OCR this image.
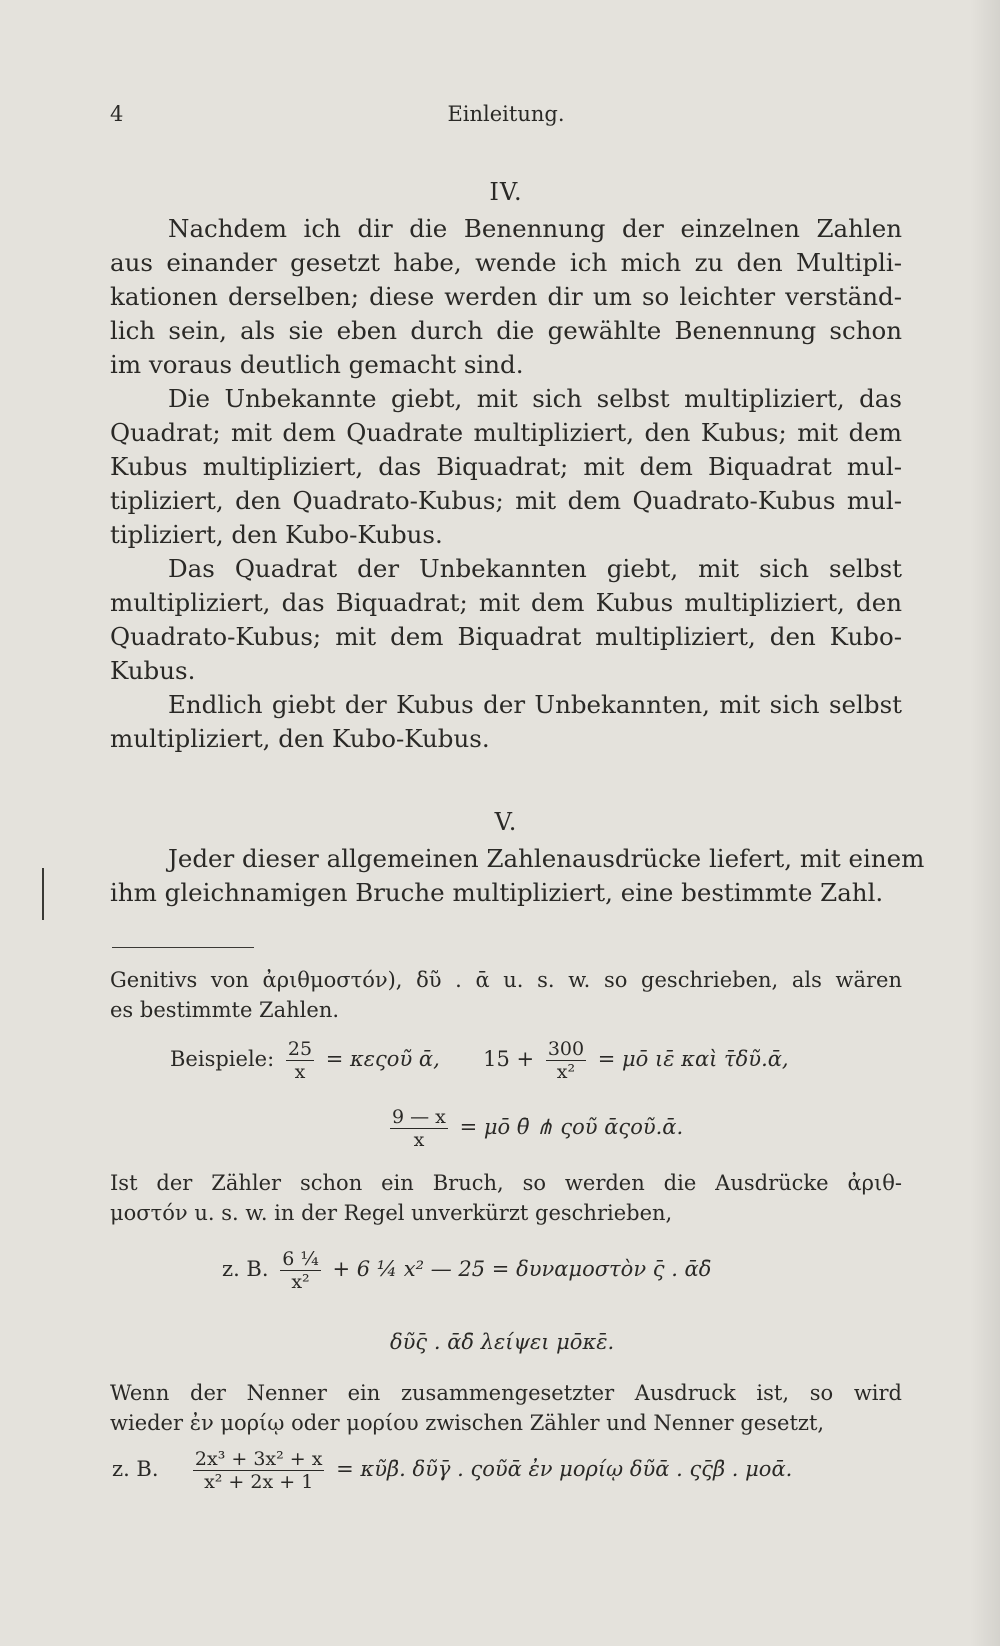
4	Einleitung.
IV.

Nachdem ich dir die Benennung der einzelnen Zahlen
aus einander gesetzt habe, wende ich mich zu den Multipli-
kationen derselben; diese werden dir um so leichter verständ-
lich sein, als sie eben durch die gewählte Benennung schon
im voraus deutlich gemacht sind.

Die Unbekannte giebt, mit sich selbst multipliziert, das
Quadrat; mit dem Quadrate multipliziert, den Kubus; mit dem
Kubus multipliziert, das Biquadrat; mit dem Biquadrat mul-
tipliziert, den Quadrato-Kubus; mit dem Quadrato-Kubus mul-
tipliziert, den Kubo-Kubus.

Das Quadrat der Unbekannten giebt, mit sich selbst
multipliziert, das Biquadrat; mit dem Kubus multipliziert, den
Quadrato-Kubus; mit dem Biquadrat multipliziert, den Kubo-
Kubus.

Endlich giebt der Kubus der Unbekannten, mit sich selbst
multipliziert, den Kubo-Kubus.

V.

Jeder dieser allgemeinen Zahlenausdrücke liefert, mit einem
ihm gleichnamigen Bruche multipliziert, eine bestimmte Zahl.

Genitivs von ἀριθμοστόν), δῦ . ᾱ u. s. w. so geschrieben, als wären
es bestimmte Zahlen.

Beispiele: $\frac{25}{x}$ = κεςοῦ ᾱ, $15 + \frac{300}{\text{x²}}$ = μο̄ ιε̄ καὶ τ̄δῦ.ᾱ,
$\frac{9 — x}{x}$ = μο̄ θ̄ ⋔ ςοῦ ᾱςοῦ.ᾱ.

Ist der Zähler schon ein Bruch, so werden die Ausdrücke ἀριθ-
μοστόν u. s. w. in der Regel unverkürzt geschrieben,

z. B. $\frac{\text{6 ¼}}{\text{x²}} + 6$ ¼ x² — 25 = δυναμοστὸν ς̄ . ᾱδ̄
δῦς̄ . ᾱδ̄ λείψει μο̄κε̄.

Wenn der Nenner ein zusammengesetzter Ausdruck ist, so wird
wieder ἐν μορίῳ oder μορίου zwischen Zähler und Nenner gesetzt,

z. B. $\frac{\text{2x³ + 3x² + x}}{\text{x² + 2x + 1}}$ = κῦβ̄. δῦγ̄ . ςοῦᾱ ἐν μορίῳ δῦᾱ . ςς̄β̄ . μοᾱ.
